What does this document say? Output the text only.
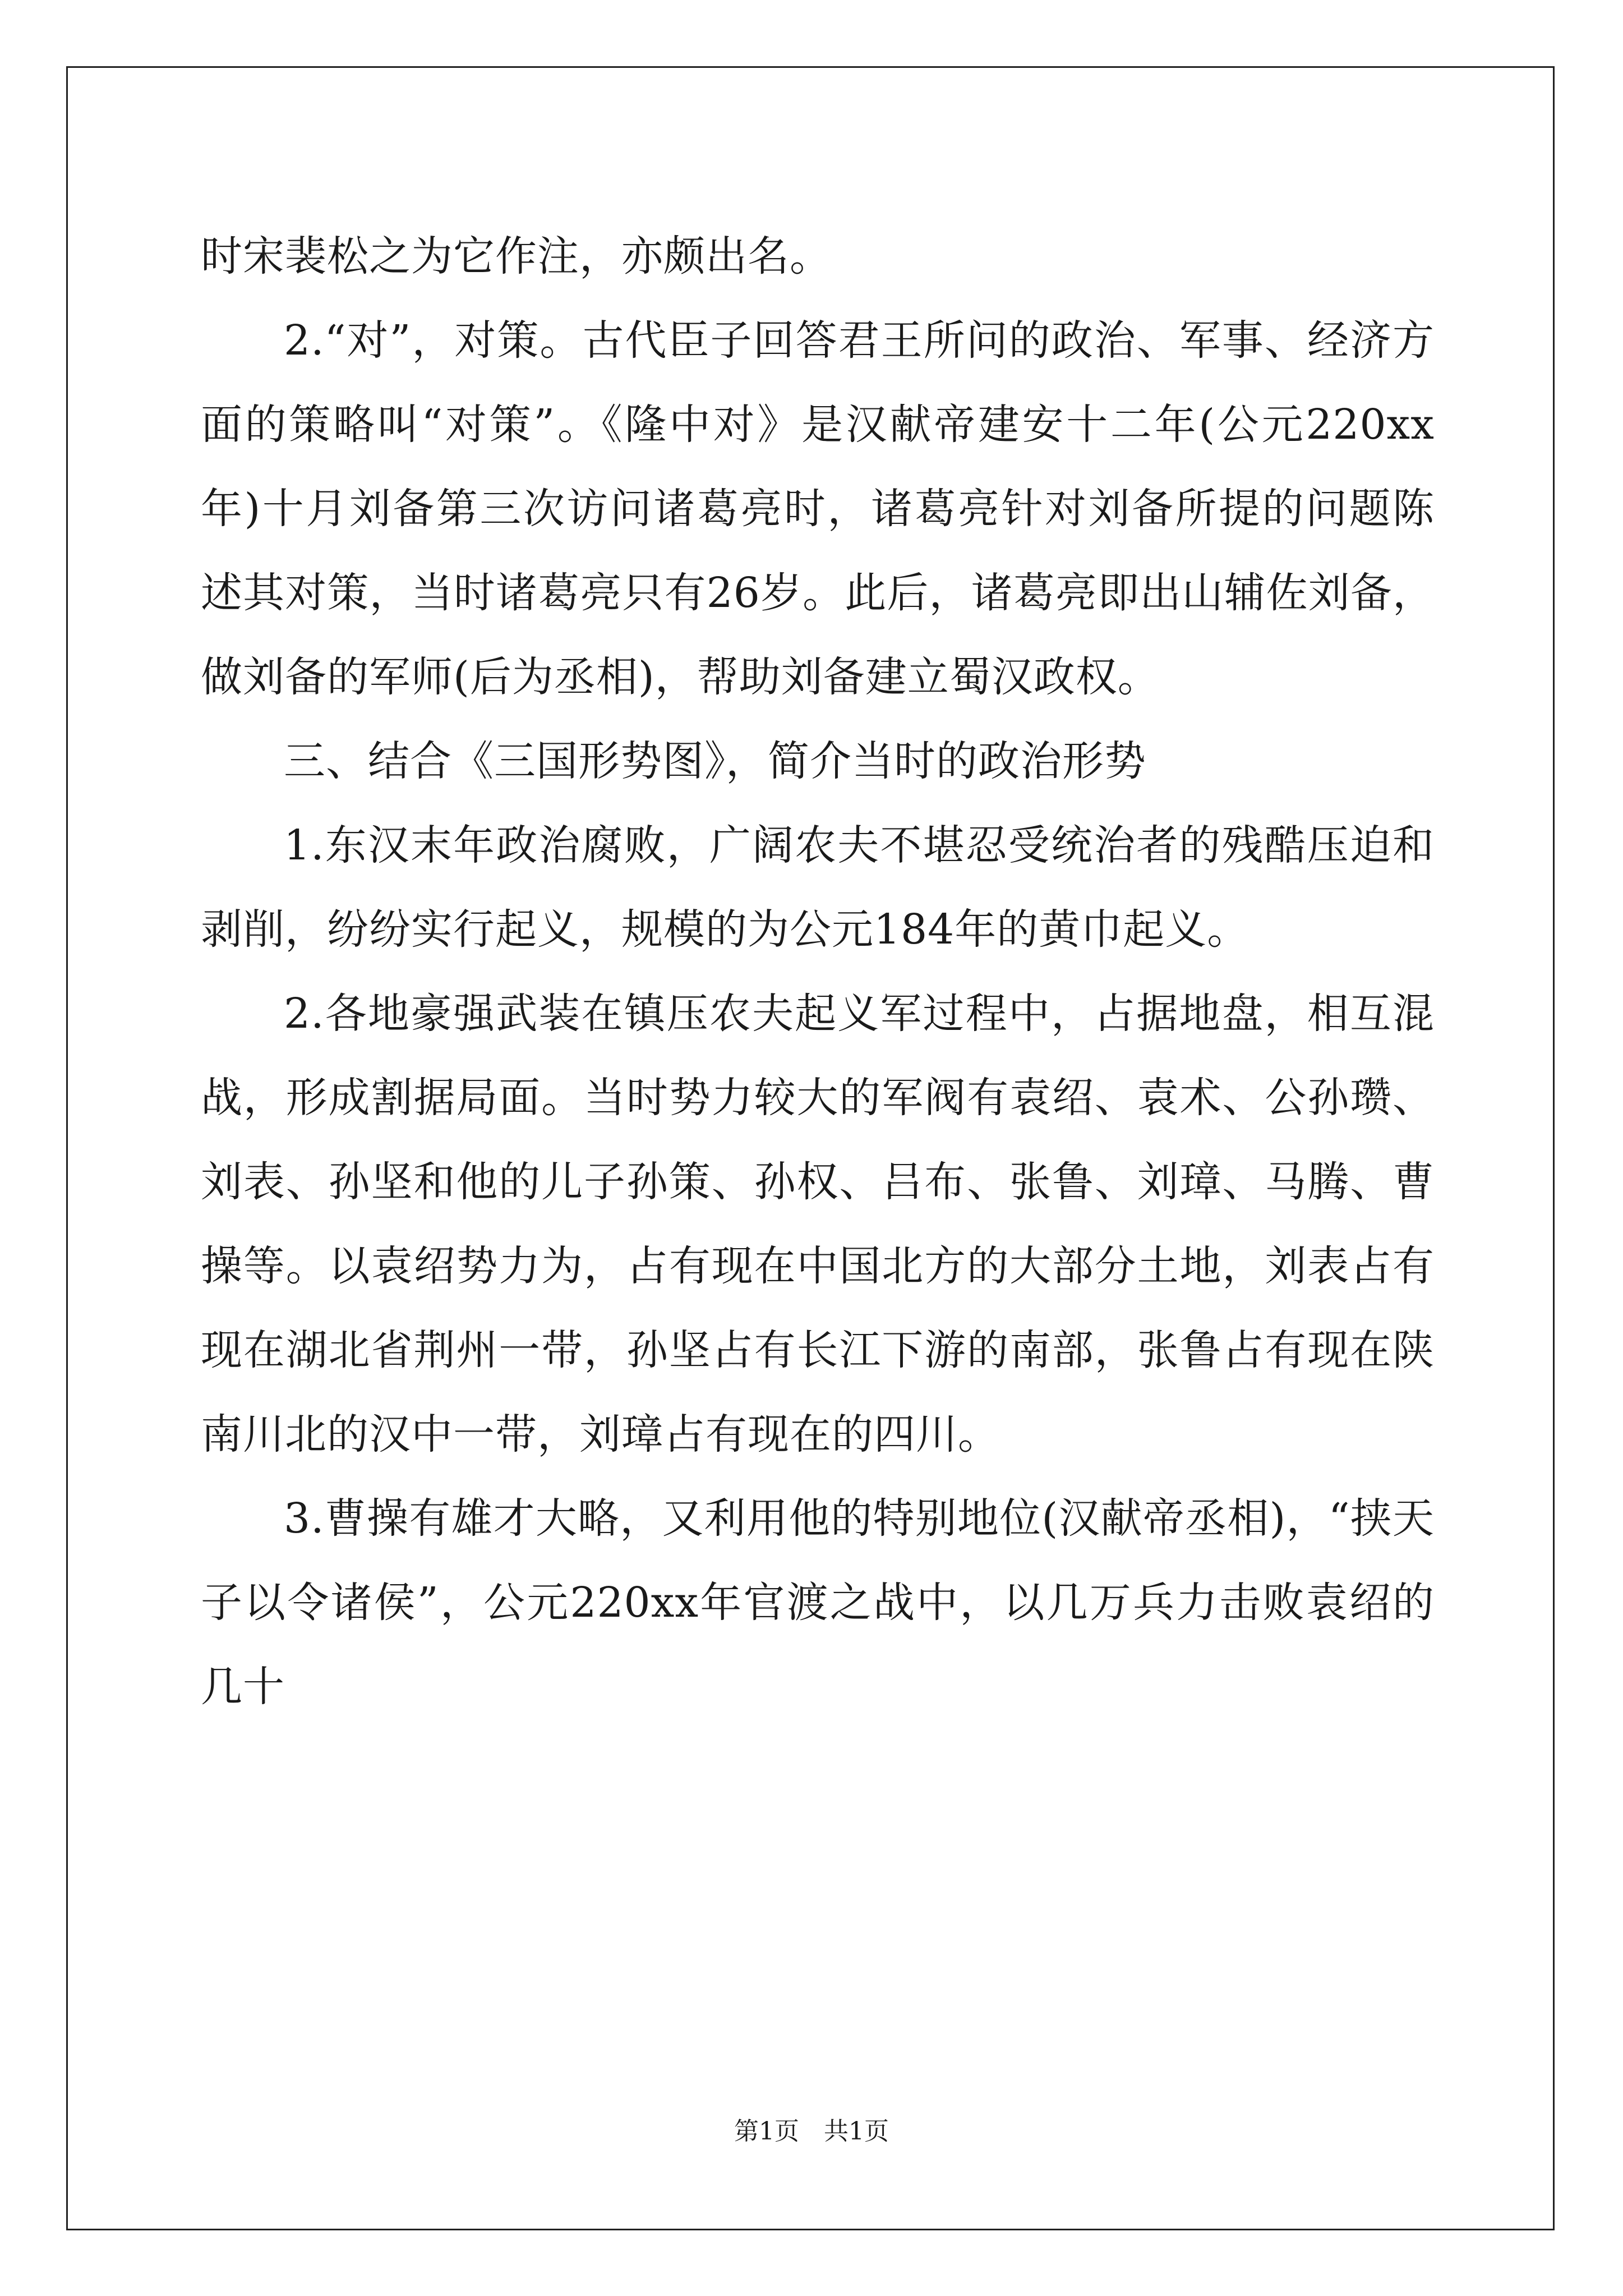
时宋裴松之为它作注，亦颇出名。

2.“对”，对策。古代臣子回答君王所问的政治、军事、经济方面的策略叫“对策”。《隆中对》是汉献帝建安十二年(公元220xx年)十月刘备第三次访问诸葛亮时，诸葛亮针对刘备所提的问题陈述其对策，当时诸葛亮只有26岁。此后，诸葛亮即出山辅佐刘备，做刘备的军师(后为丞相)，帮助刘备建立蜀汉政权。

三、结合《三国形势图》，简介当时的政治形势

1.东汉末年政治腐败，广阔农夫不堪忍受统治者的残酷压迫和剥削，纷纷实行起义，规模的为公元184年的黄巾起义。

2.各地豪强武装在镇压农夫起义军过程中，占据地盘，相互混战，形成割据局面。当时势力较大的军阀有袁绍、袁术、公孙瓒、刘表、孙坚和他的儿子孙策、孙权、吕布、张鲁、刘璋、马腾、曹操等。以袁绍势力为，占有现在中国北方的大部分土地，刘表占有现在湖北省荆州一带，孙坚占有长江下游的南部，张鲁占有现在陕南川北的汉中一带，刘璋占有现在的四川。

3.曹操有雄才大略，又利用他的特别地位(汉献帝丞相)，“挟天子以令诸侯”，公元220xx年官渡之战中，以几万兵力击败袁绍的几十

第1页 共1页
